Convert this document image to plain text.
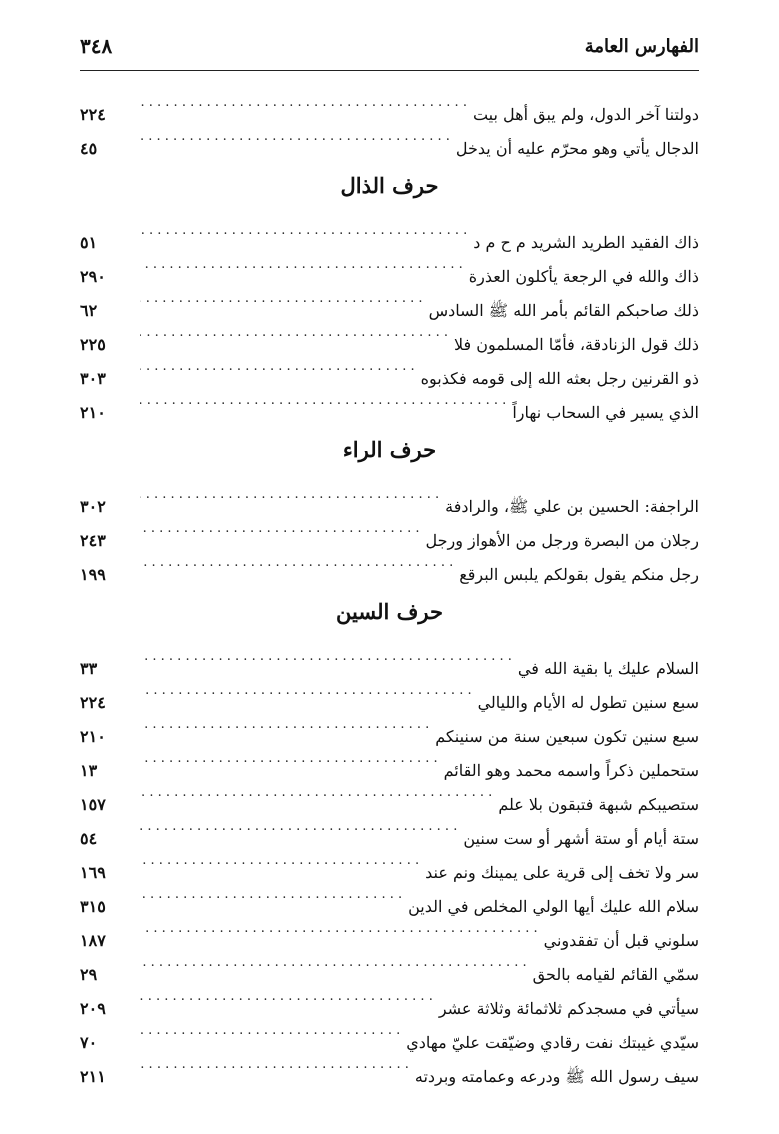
الفهارس العامة
٣٤٨
دولتنا آخر الدول، ولم يبق أهل بيت
. . .
٢٢٤
الدجال يأتي وهو محرّم عليه أن يدخل
. . .
٤٥
حرف الذال
ذاك الفقيد الطريد الشريد م ح م د
. . .
٥١
ذاك والله في الرجعة يأكلون العذرة
. . .
٢٩٠
ذلك صاحبكم القائم بأمر الله ﷺ السادس
. . .
٦٢
ذلك قول الزنادقة، فأمّا المسلمون فلا
. . .
٢٢٥
ذو القرنين رجل بعثه الله إلى قومه فكذبوه
. . .
٣٠٣
الذي يسير في السحاب نهاراً
. . .
٢١٠
حرف الراء
الراجفة: الحسين بن علي ﷺ، والرادفة
. . .
٣٠٢
رجلان من البصرة ورجل من الأهواز ورجل
. . .
٢٤٣
رجل منكم يقول بقولكم يلبس البرقع
. . .
١٩٩
حرف السين
السلام عليك يا بقية الله في
. . .
٣٣
سبع سنين تطول له الأيام والليالي
. . .
٢٢٤
سبع سنين تكون سبعين سنة من سنينكم
. . .
٢١٠
ستحملين ذكراً واسمه محمد وهو القائم
. . .
١٣
ستصيبكم شبهة فتبقون بلا علم
. . .
١٥٧
ستة أيام أو ستة أشهر أو ست سنين
. . .
٥٤
سر ولا تخف إلى قرية على يمينك ونم عند
. . .
١٦٩
سلام الله عليك أيها الولي المخلص في الدين
. . .
٣١٥
سلوني قبل أن تفقدوني
. . .
١٨٧
سمّي القائم لقيامه بالحق
. . .
٢٩
سيأتي في مسجدكم ثلاثمائة وثلاثة عشر
. . .
٢٠٩
سيّدي غيبتك نفت رقادي وضيّقت عليّ مهادي
. . .
٧٠
سيف رسول الله ﷺ ودرعه وعمامته وبردته
. . .
٢١١
